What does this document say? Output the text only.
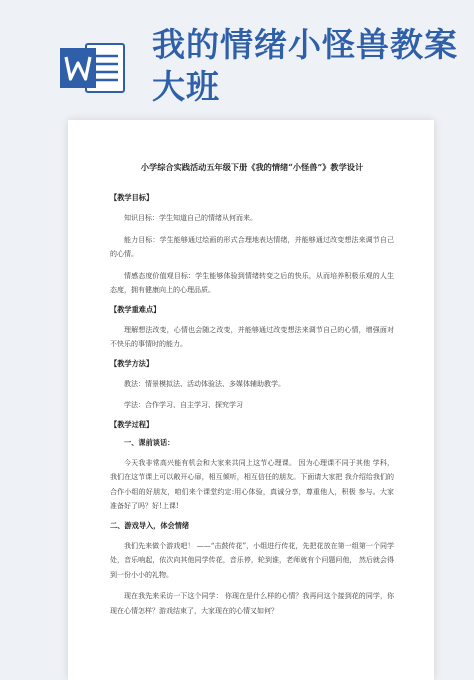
我的情绪小怪兽教案大班
小学综合实践活动五年级下册《我的情绪“小怪兽”》教学设计
【教学目标】
知识目标：学生知道自己的情绪从何而来。
能力目标：学生能够通过绘画的形式合理地表达情绪，并能够通过改变想法来调节自己的心情。
情感态度价值观目标：学生能够体验到情绪转变之后的快乐，从而培养积极乐观的人生态度，拥有健康向上的心理品质。
【教学重难点】
理解想法改变，心情也会随之改变，并能够通过改变想法来调节自己的心情，增强面对不快乐的事情时的能力。
【教学方法】
教法：情景模拟法、活动体验法、多媒体辅助教学。
学法：合作学习、自主学习、探究学习
【教学过程】
一、课前谈话：
今天我非常高兴能有机会和大家来共同上这节心理课。 因为心理课不同于其他 学科，我们在这节课上可以敞开心扉，相互倾听，相互信任的朋友。下面请大家把 我介绍给我们的合作小组的好朋友，咱们来个课堂约定:用心体验，真诚分享，尊重他人，积极 参与。大家准备好了吗？好!上课!
二、游戏导入，体会情绪
我们先来做个游戏吧！ ——“击鼓传花”，小组进行传花，先把花放在第一组第一个同学处，音乐响起，依次向其他同学传花，音乐停，轮到谁，老师就有个问题问他， 然后就会得到一份小小的礼物。
现在我先来采访一下这个同学： 你现在是什么样的心情？我再问这个接到花的同学，你现在心情怎样？游戏结束了，大家现在的心情又如何？
